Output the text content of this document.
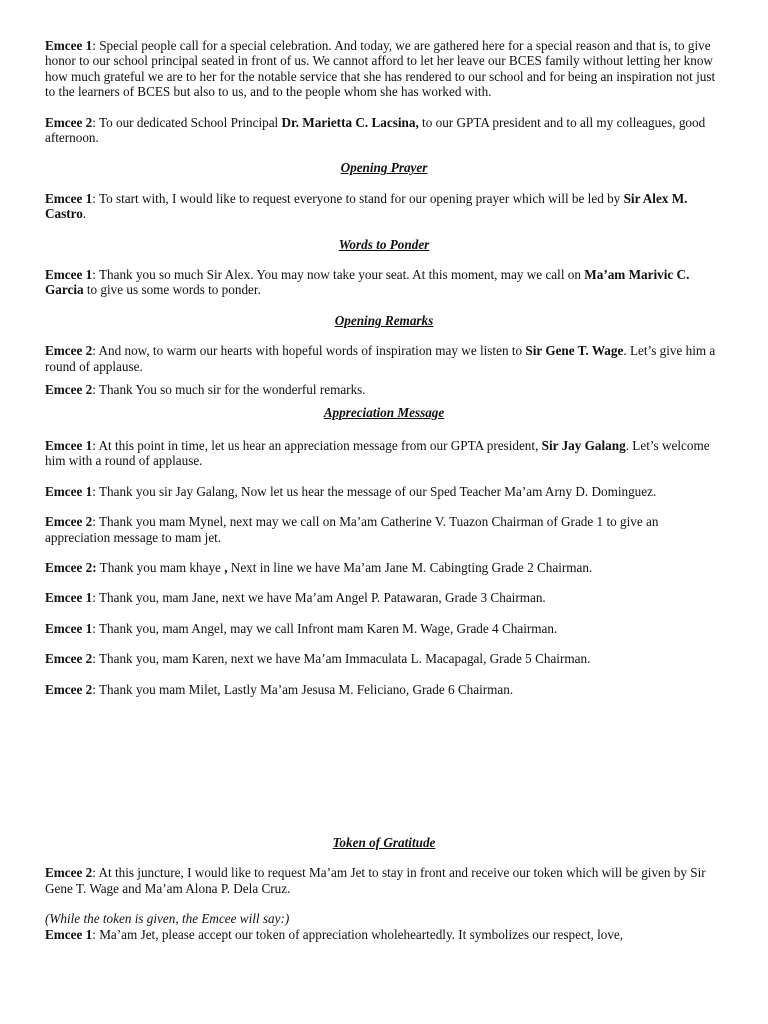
Emcee 1: Special people call for a special celebration. And today, we are gathered here for a special reason and that is, to give honor to our school principal seated in front of us. We cannot afford to let her leave our BCES family without letting her know how much grateful we are to her for the notable service that she has rendered to our school and for being an inspiration not just to the learners of BCES but also to us, and to the people whom she has worked with.

Emcee 2: To our dedicated School Principal Dr. Marietta C. Lacsina, to our GPTA president and to all my colleagues, good afternoon.

Opening Prayer

Emcee 1: To start with, I would like to request everyone to stand for our opening prayer which will be led by Sir Alex M. Castro.

Words to Ponder

Emcee 1: Thank you so much Sir Alex. You may now take your seat. At this moment, may we call on Ma’am Marivic C. Garcia to give us some words to ponder.

Opening Remarks

Emcee 2: And now, to warm our hearts with hopeful words of inspiration may we listen to Sir Gene T. Wage. Let’s give him a round of applause.

Emcee 2: Thank You so much sir for the wonderful remarks.

Appreciation Message

Emcee 1: At this point in time, let us hear an appreciation message from our GPTA president, Sir Jay Galang. Let’s welcome him with a round of applause.

Emcee 1: Thank you sir Jay Galang, Now let us hear the message of our Sped Teacher Ma’am Arny D. Dominguez.

Emcee 2: Thank you mam Mynel, next may we call on Ma’am Catherine V. Tuazon Chairman of Grade 1 to give an appreciation message to mam jet.

Emcee 2: Thank you mam khaye , Next in line we have Ma’am Jane M. Cabingting Grade 2 Chairman.

Emcee 1: Thank you, mam Jane, next we have Ma’am Angel P. Patawaran, Grade 3 Chairman.

Emcee 1: Thank you, mam Angel, may we call Infront mam Karen M. Wage, Grade 4 Chairman.

Emcee 2: Thank you, mam Karen, next we have Ma’am Immaculata L. Macapagal, Grade 5 Chairman.

Emcee 2: Thank you mam Milet, Lastly Ma’am Jesusa M. Feliciano, Grade 6 Chairman.

Token of Gratitude

Emcee 2: At this juncture, I would like to request Ma’am Jet to stay in front and receive our token which will be given by Sir Gene T. Wage and Ma’am Alona P. Dela Cruz.

(While the token is given, the Emcee will say:)

Emcee 1: Ma’am Jet, please accept our token of appreciation wholeheartedly. It symbolizes our respect, love,
